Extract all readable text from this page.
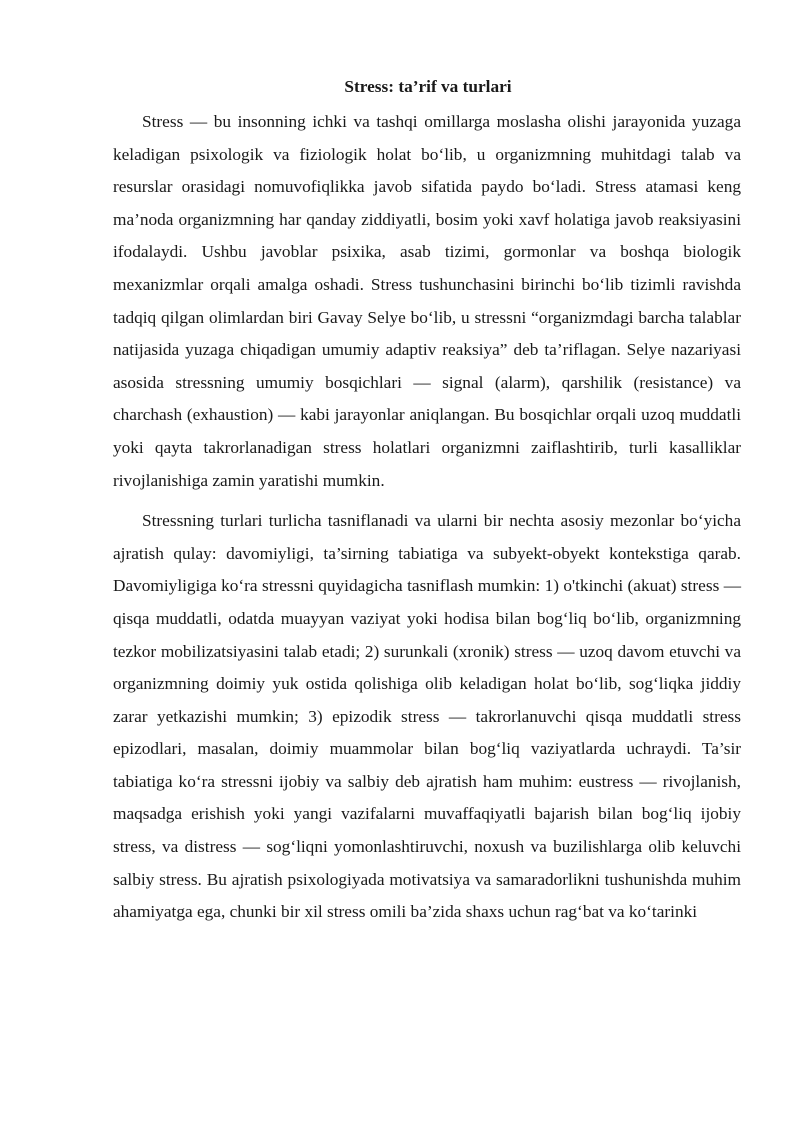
Stress: ta’rif va turlari

Stress — bu insonning ichki va tashqi omillarga moslasha olishi jarayonida yuzaga keladigan psixologik va fiziologik holat bo‘lib, u organizmning muhitdagi talab va resurslar orasidagi nomuvofiqlikka javob sifatida paydo bo‘ladi. Stress atamasi keng ma’noda organizmning har qanday ziddiyatli, bosim yoki xavf holatiga javob reaksiyasini ifodalaydi. Ushbu javoblar psixika, asab tizimi, gormonlar va boshqa biologik mexanizmlar orqali amalga oshadi. Stress tushunchasini birinchi bo‘lib tizimli ravishda tadqiq qilgan olimlardan biri Gavay Selye bo‘lib, u stressni “organizmdagi barcha talablar natijasida yuzaga chiqadigan umumiy adaptiv reaksiya” deb ta’riflagan. Selye nazariyasi asosida stressning umumiy bosqichlari — signal (alarm), qarshilik (resistance) va charchash (exhaustion) — kabi jarayonlar aniqlangan. Bu bosqichlar orqali uzoq muddatli yoki qayta takrorlanadigan stress holatlari organizmni zaiflashtirib, turli kasalliklar rivojlanishiga zamin yaratishi mumkin.

Stressning turlari turlicha tasniflanadi va ularni bir nechta asosiy mezonlar bo‘yicha ajratish qulay: davomiyligi, ta’sirning tabiatiga va subyekt-obyekt kontekstiga qarab. Davomiyligiga ko‘ra stressni quyidagicha tasniflash mumkin: 1) o'tkinchi (akuat) stress — qisqa muddatli, odatda muayyan vaziyat yoki hodisa bilan bog‘liq bo‘lib, organizmning tezkor mobilizatsiyasini talab etadi; 2) surunkali (xronik) stress — uzoq davom etuvchi va organizmning doimiy yuk ostida qolishiga olib keladigan holat bo‘lib, sog‘liqka jiddiy zarar yetkazishi mumkin; 3) epizodik stress — takrorlanuvchi qisqa muddatli stress epizodlari, masalan, doimiy muammolar bilan bog‘liq vaziyatlarda uchraydi. Ta’sir tabiatiga ko‘ra stressni ijobiy va salbiy deb ajratish ham muhim: eustress — rivojlanish, maqsadga erishish yoki yangi vazifalarni muvaffaqiyatli bajarish bilan bog‘liq ijobiy stress, va distress — sog‘liqni yomonlashtiruvchi, noxush va buzilishlarga olib keluvchi salbiy stress. Bu ajratish psixologiyada motivatsiya va samaradorlikni tushunishda muhim ahamiyatga ega, chunki bir xil stress omili ba’zida shaxs uchun rag‘bat va ko‘tarinki
